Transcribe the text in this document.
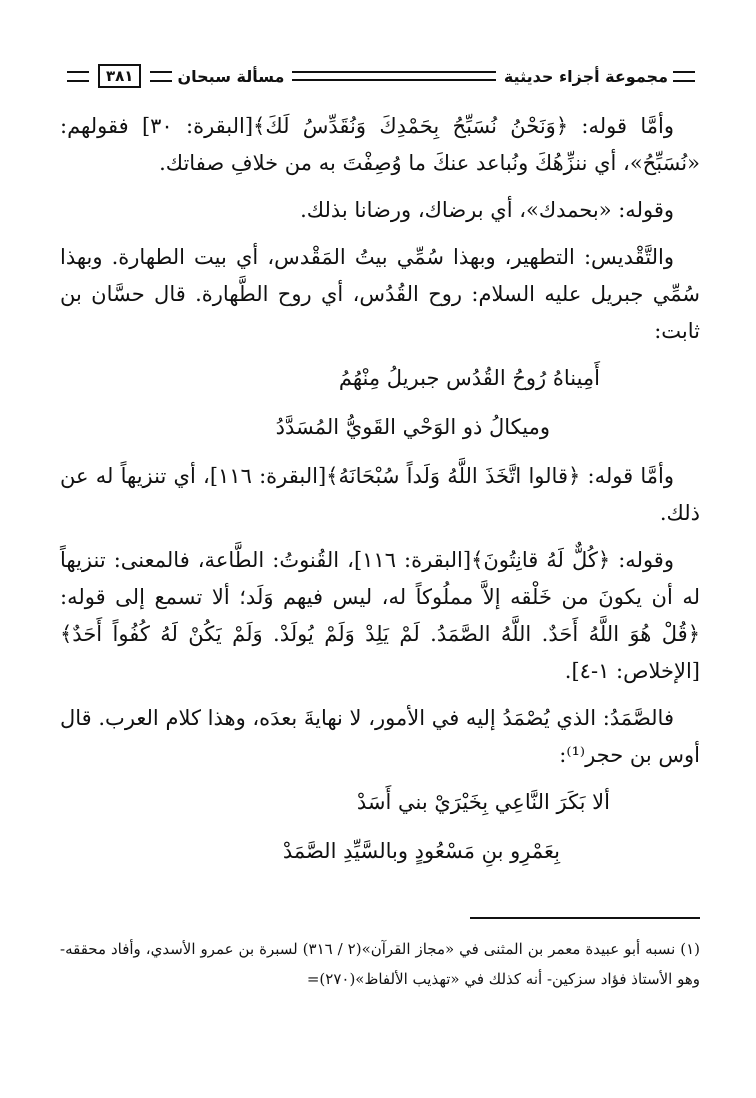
مجموعة أجزاء حديثية
مسألة سبحان
٣٨١

وأمَّا قوله: ﴿وَنَحْنُ نُسَبِّحُ بِحَمْدِكَ وَنُقَدِّسُ لَكَ﴾[البقرة: ٣٠] فقولهم: «نُسَبِّحُ»، أي ننزِّهُكَ ونُباعد عنكَ ما وُصِفْتَ به من خلافِ صفاتك.

وقوله: «بحمدك»، أي برضاك، ورضانا بذلك.

والتَّقْديس: التطهير، وبهذا سُمِّي بيتُ المَقْدس، أي بيت الطهارة. وبهذا سُمِّي جبريل عليه السلام: روح القُدُس، أي روح الطَّهارة. قال حسَّان بن ثابت:

أَمِيناهُ رُوحُ القُدُس جبريلُ مِنْهُمُ
وميكالُ ذو الوَحْي القَويُّ المُسَدَّدُ

وأمَّا قوله: ﴿قالوا اتَّخَذَ اللَّهُ وَلَداً سُبْحَانَهُ﴾[البقرة: ١١٦]، أي تنزيهاً له عن ذلك.

وقوله: ﴿كُلٌّ لَهُ قانِتُونَ﴾[البقرة: ١١٦]، القُنوتُ: الطَّاعة، فالمعنى: تنزيهاً له أن يكونَ من خَلْقه إلاَّ مملُوكاً له، ليس فيهم وَلَد؛ ألا تسمع إلى قوله: ﴿قُلْ هُوَ اللَّهُ أَحَدٌ. اللَّهُ الصَّمَدُ. لَمْ يَلِدْ وَلَمْ يُولَدْ. وَلَمْ يَكُنْ لَهُ كُفُواً أَحَدٌ﴾[الإخلاص: ١-٤].

فالصَّمَدُ: الذي يُصْمَدُ إليه في الأمور، لا نهايةَ بعدَه، وهذا كلام العرب. قال أوس بن حجر⁽¹⁾:

ألا بَكَرَ النَّاعِي بِخَيْرَيْ بني أَسَدْ
بِعَمْرِو بنِ مَسْعُودٍ وبالسَّيِّدِ الصَّمَدْ
(١) نسبه أبو عبيدة معمر بن المثنى في «مجاز القرآن»(٢ / ٣١٦) لسبرة بن عمرو الأسدي، وأفاد محققه- وهو الأستاذ فؤاد سزكين- أنه كذلك في «تهذيب الألفاظ»(٢٧٠)=
